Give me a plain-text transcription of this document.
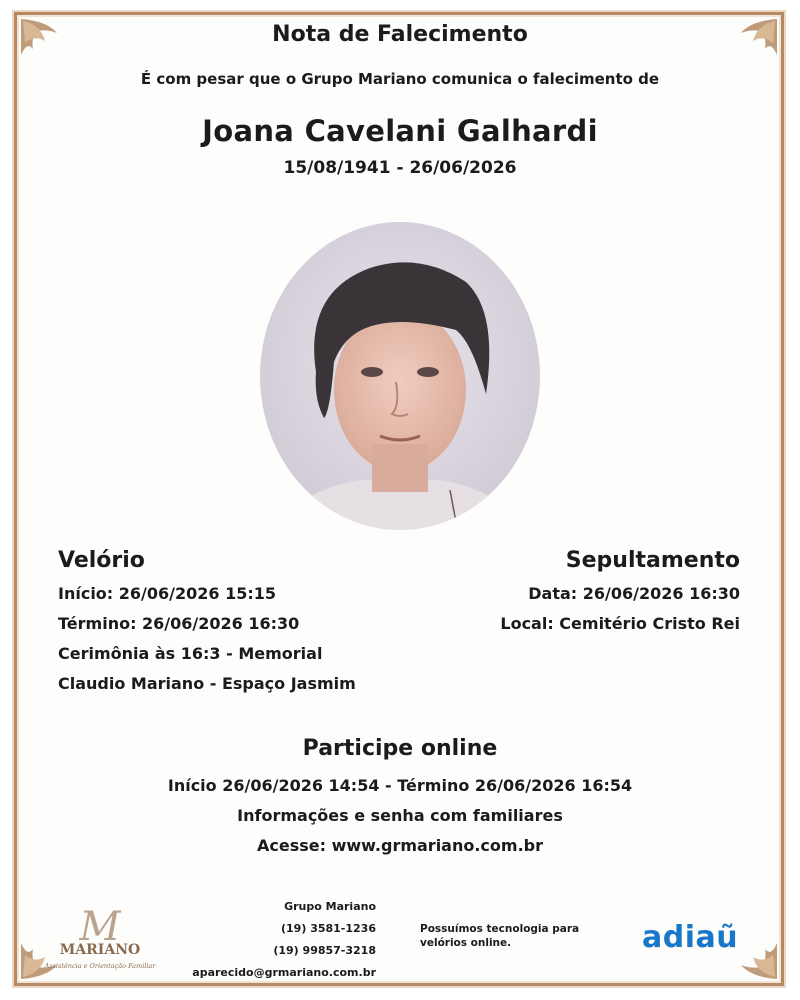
Nota de Falecimento
É com pesar que o Grupo Mariano comunica o falecimento de
Joana Cavelani Galhardi
15/08/1941 - 26/06/2026
Velório
Início: 26/06/2026 15:15
Término: 26/06/2026 16:30
Cerimônia às 16:3 - Memorial
Claudio Mariano - Espaço Jasmim
Sepultamento
Data: 26/06/2026 16:30
Local: Cemitério Cristo Rei
Participe online
Início 26/06/2026 14:54 - Término 26/06/2026 16:54
Informações e senha com familiares
Acesse: www.grmariano.com.br
M
MARIANO
Assistência e Orientação Familiar
Grupo Mariano
(19) 3581-1236
(19) 99857-3218
aparecido@grmariano.com.br
Possuímos tecnologia para velórios online.	adiaũ
